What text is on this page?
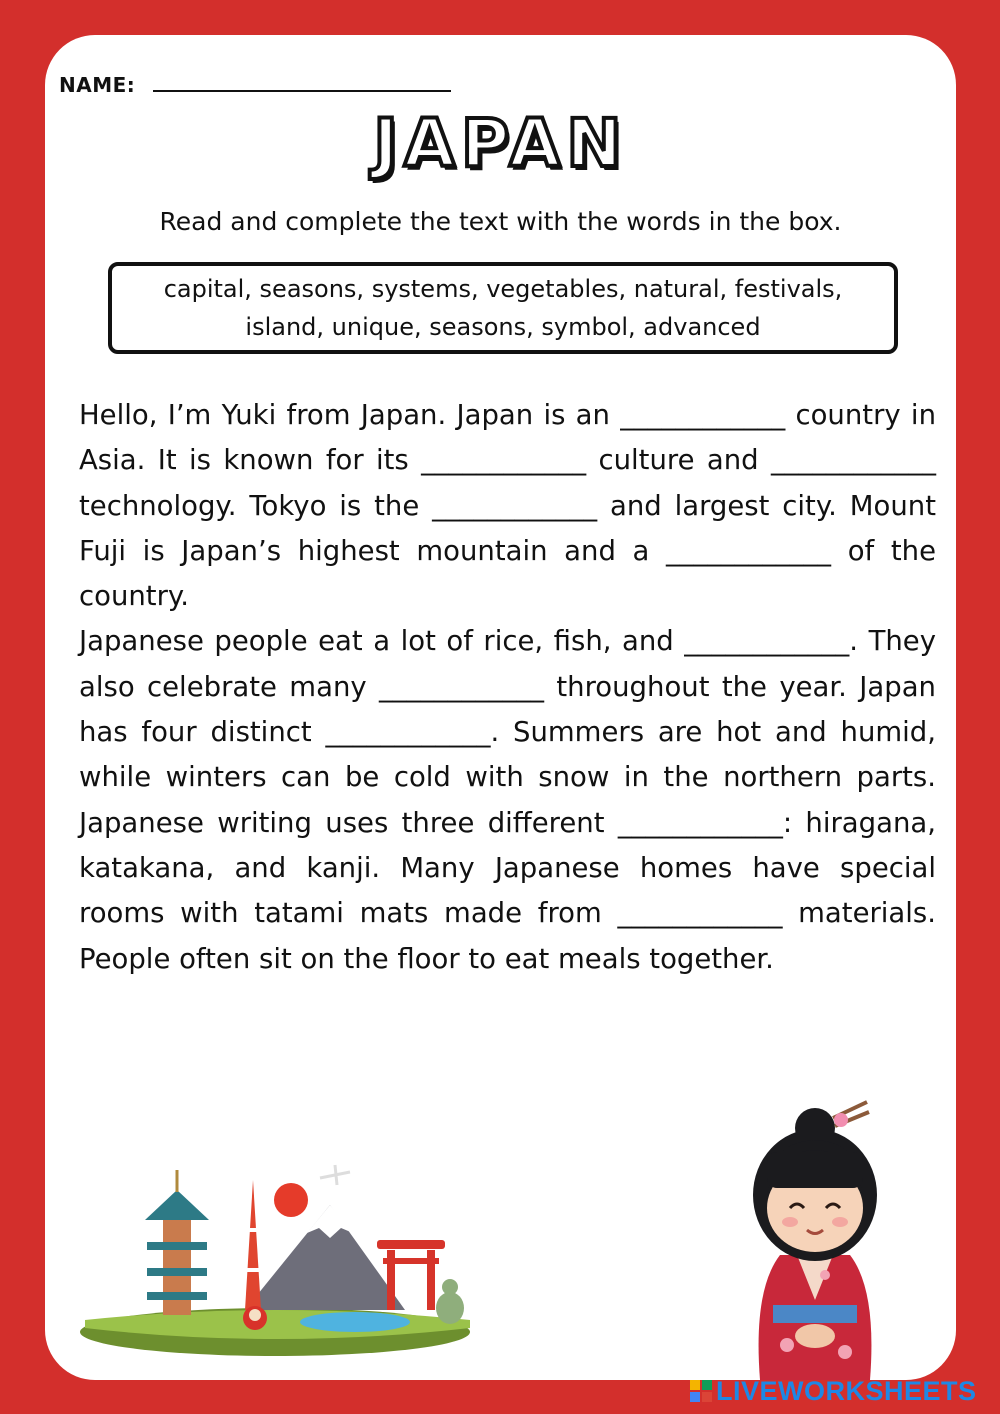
NAME:
JAPAN
Read and complete the text with the words in the box.
capital, seasons, systems, vegetables, natural, festivals,
island, unique, seasons, symbol, advanced

Hello, I’m Yuki from Japan. Japan is an ____________ country in Asia. It is known for its ____________ culture and ____________ technology. Tokyo is the ____________ and largest city. Mount Fuji is Japan’s highest mountain and a ____________ of the country.

Japanese people eat a lot of rice, fish, and ____________. They also celebrate many ____________ throughout the year. Japan has four distinct ____________. Summers are hot and humid, while winters can be cold with snow in the northern parts.

Japanese writing uses three different ____________: hiragana, katakana, and kanji. Many Japanese homes have special rooms with tatami mats made from ____________ materials. People often sit on the floor to eat meals together.

LIVEWORKSHEETS
